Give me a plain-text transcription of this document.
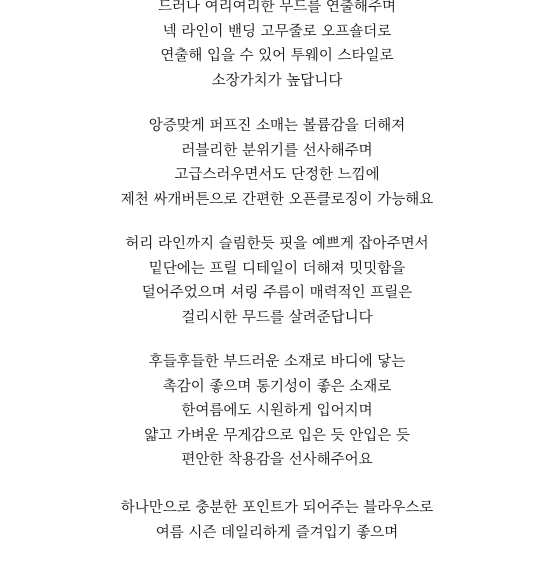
드러나 여리여리한 무드를 연출해주며
넥 라인이 밴딩 고무줄로 오프숄더로
연출해 입을 수 있어 투웨이 스타일로
소장가치가 높답니다
앙증맞게 퍼프진 소매는 볼륨감을 더해져
러블리한 분위기를 선사해주며
고급스러우면서도 단정한 느낌에
제천 싸개버튼으로 간편한 오픈클로징이 가능해요
허리 라인까지 슬림한듯 핏을 예쁘게 잡아주면서
밑단에는 프릴 디테일이 더해져 밋밋함을
덜어주었으며 셔링 주름이 매력적인 프릴은
걸리시한 무드를 살려준답니다
후들후들한 부드러운 소재로 바디에 닿는
촉감이 좋으며 통기성이 좋은 소재로
한여름에도 시원하게 입어지며
얇고 가벼운 무게감으로 입은 듯 안입은 듯
편안한 착용감을 선사해주어요
하나만으로 충분한 포인트가 되어주는 블라우스로
여름 시즌 데일리하게 즐겨입기 좋으며
